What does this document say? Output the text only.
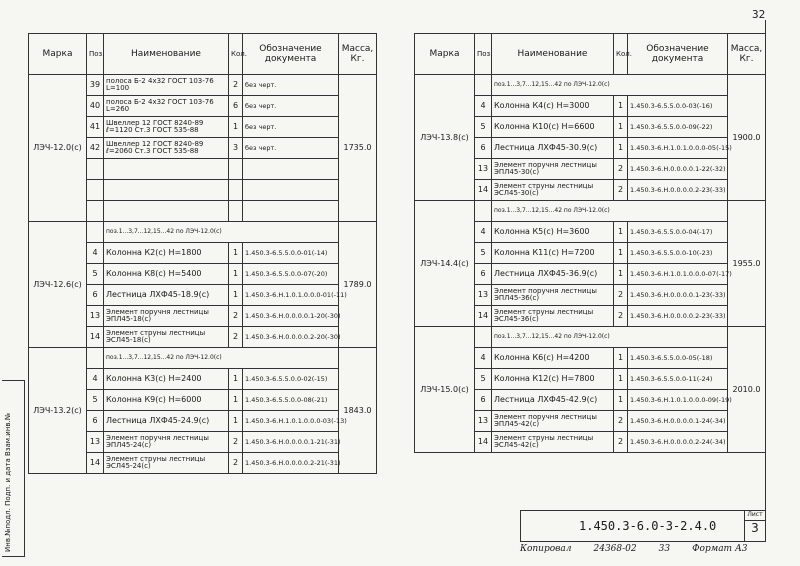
32
Марка	Поз.	Наименование	Кол.	Обозначение документа	Масса, Кг.
ЛЭЧ-12.0(с)	39	полоса Б-2 4х32 ГОСТ 103-76 L=100	2	без черт.	1735.0
	40	полоса Б-2 4х32 ГОСТ 103-76 L=260	6	без черт.	
	41	Швеллер 12 ГОСТ 8240-89 ℓ=1120 Ст.3 ГОСТ 535-88	1	без черт.	
	42	Швеллер 12 ГОСТ 8240-89 ℓ=2060 Ст.3 ГОСТ 535-88	3	без черт.	

ЛЭЧ-12.6(с)		поз.1...3,7...12,15...42 по ЛЭЧ-12.0(с)			1789.0
	4	Колонна К2(с) Н=1800	1	1.450.3-6.5.5.0.0-01(-14)	
	5	Колонна К8(с) Н=5400	1	1.450.3-6.5.5.0.0-07(-20)	
	6	Лестница ЛХФ45-18.9(с)	1	1.450.3-6.Н.1.0.1.0.0.0-01(-11)	
	13	Элемент поручня лестницы ЭПЛ45-18(с)	2	1.450.3-6.Н.0.0.0.0.1-20(-30)	
	14	Элемент струны лестницы ЭСЛ45-18(с)	2	1.450.3-6.Н.0.0.0.0.2-20(-30)	
ЛЭЧ-13.2(с)		поз.1...3,7...12,15...42 по ЛЭЧ-12.0(с)			1843.0
	4	Колонна К3(с) Н=2400	1	1.450.3-6.5.5.0.0-02(-15)	
	5	Колонна К9(с) Н=6000	1	1.450.3-6.5.5.0.0-08(-21)	
	6	Лестница ЛХФ45-24.9(с)	1	1.450.3-6.Н.1.0.1.0.0.0-03(-13)	
	13	Элемент поручня лестницы ЭПЛ45-24(с)	2	1.450.3-6.Н.0.0.0.0.1-21(-31)	
	14	Элемент струны лестницы ЭСЛ45-24(с)	2	1.450.3-6.Н.0.0.0.0.2-21(-31)	
Марка	Поз.	Наименование	Кол.	Обозначение документа	Масса, Кг.
ЛЭЧ-13.8(с)		поз.1...3,7...12,15...42 по ЛЭЧ-12.0(с)			1900.0
	4	Колонна К4(с) Н=3000	1	1.450.3-6.5.5.0.0-03(-16)	
	5	Колонна К10(с) Н=6600	1	1.450.3-6.5.5.0.0-09(-22)	
	6	Лестница ЛХФ45-30.9(с)	1	1.450.3-6.Н.1.0.1.0.0.0-05(-15)	
	13	Элемент поручня лестницы ЭПЛ45-30(с)	2	1.450.3-6.Н.0.0.0.0.1-22(-32)	
	14	Элемент струны лестницы ЭСЛ45-30(с)	2	1.450.3-6.Н.0.0.0.0.2-23(-33)	
ЛЭЧ-14.4(с)		поз.1...3,7...12,15...42 по ЛЭЧ-12.0(с)			1955.0
	4	Колонна К5(с) Н=3600	1	1.450.3-6.5.5.0.0-04(-17)	
	5	Колонна К11(с) Н=7200	1	1.450.3-6.5.5.0.0-10(-23)	
	6	Лестница ЛХФ45-36.9(с)	1	1.450.3-6.Н.1.0.1.0.0.0-07(-17)	
	13	Элемент поручня лестницы ЭПЛ45-36(с)	2	1.450.3-6.Н.0.0.0.0.1-23(-33)	
	14	Элемент струны лестницы ЭСЛ45-36(с)	2	1.450.3-6.Н.0.0.0.0.2-23(-33)	
ЛЭЧ-15.0(с)		поз.1...3,7...12,15...42 по ЛЭЧ-12.0(с)			2010.0
	4	Колонна К6(с) Н=4200	1	1.450.3-6.5.5.0.0-05(-18)	
	5	Колонна К12(с) Н=7800	1	1.450.3-6.5.5.0.0-11(-24)	
	6	Лестница ЛХФ45-42.9(с)	1	1.450.3-6.Н.1.0.1.0.0.0-09(-19)	
	13	Элемент поручня лестницы ЭПЛ45-42(с)	2	1.450.3-6.Н.0.0.0.0.1-24(-34)	
	14	Элемент струны лестницы ЭСЛ45-42(с)	2	1.450.3-6.Н.0.0.0.0.2-24(-34)	
Инв.№подл. Подп. и дата Взам.инв.№	1.450.3-6.0-3-2.4.0
Лист
3
Копировал 24368-02 33 Формат А3
